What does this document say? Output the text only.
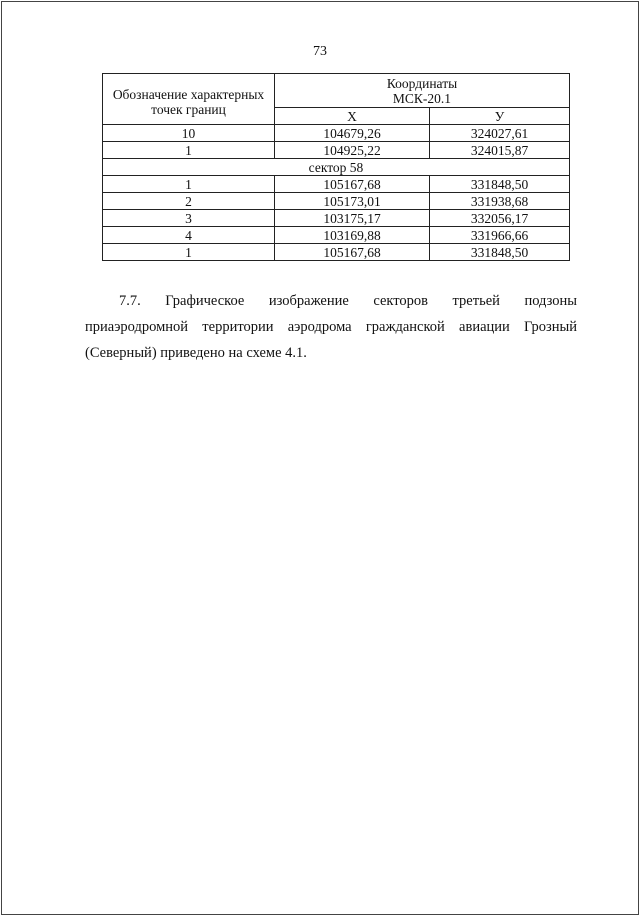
73
Обозначение характерных точек границ	Координаты
МСК-20.1	
	Х	У
10	104679,26	324027,61
1	104925,22	324015,87
сектор 58		
1	105167,68	331848,50
2	105173,01	331938,68
3	103175,17	332056,17
4	103169,88	331966,66
1	105167,68	331848,50

7.7. Графическое изображение секторов третьей подзоны приаэродромной территории аэродрома гражданской авиации Грозный (Северный) приведено на схеме 4.1.
